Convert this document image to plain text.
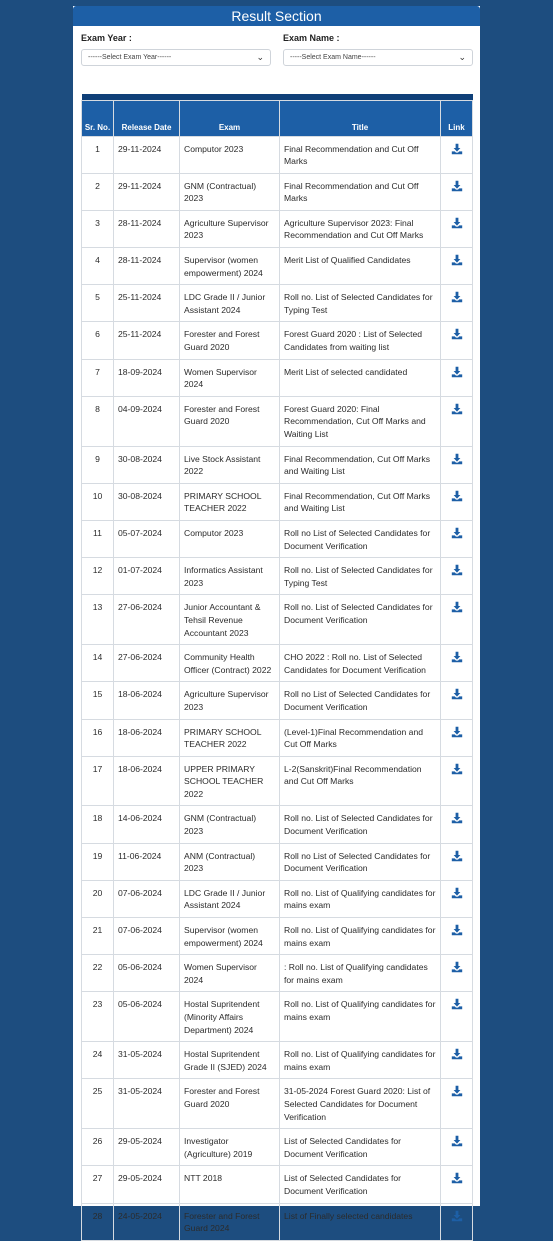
Result Section
Exam Year :
------Select Exam Year------	⌄
Exam Name :
-----Select Exam Name------	⌄

Sr. No.	Release Date	Exam	Title	Link
1	29-11-2024	Computor 2023	Final Recommendation and Cut Off Marks	
2	29-11-2024	GNM (Contractual) 2023	Final Recommendation and Cut Off Marks	
3	28-11-2024	Agriculture Supervisor 2023	Agriculture Supervisor 2023: Final Recommendation and Cut Off Marks	
4	28-11-2024	Supervisor (women empowerment) 2024	Merit List of Qualified Candidates	
5	25-11-2024	LDC Grade II / Junior Assistant 2024	Roll no. List of Selected Candidates for Typing Test	
6	25-11-2024	Forester and Forest Guard 2020	Forest Guard 2020 : List of Selected Candidates from waiting list	
7	18-09-2024	Women Supervisor 2024	Merit List of selected candidated	
8	04-09-2024	Forester and Forest Guard 2020	Forest Guard 2020: Final Recommendation, Cut Off Marks and Waiting List	
9	30-08-2024	Live Stock Assistant 2022	Final Recommendation, Cut Off Marks and Waiting List	
10	30-08-2024	PRIMARY SCHOOL TEACHER 2022	Final Recommendation, Cut Off Marks and Waiting List	
11	05-07-2024	Computor 2023	Roll no List of Selected Candidates for Document Verification	
12	01-07-2024	Informatics Assistant 2023	Roll no. List of Selected Candidates for Typing Test	
13	27-06-2024	Junior Accountant & Tehsil Revenue Accountant 2023	Roll no. List of Selected Candidates for Document Verification	
14	27-06-2024	Community Health Officer (Contract) 2022	CHO 2022 : Roll no. List of Selected Candidates for Document Verification	
15	18-06-2024	Agriculture Supervisor 2023	Roll no List of Selected Candidates for Document Verification	
16	18-06-2024	PRIMARY SCHOOL TEACHER 2022	(Level-1)Final Recommendation and Cut Off Marks	
17	18-06-2024	UPPER PRIMARY SCHOOL TEACHER 2022	L-2(Sanskrit)Final Recommendation and Cut Off Marks	
18	14-06-2024	GNM (Contractual) 2023	Roll no. List of Selected Candidates for Document Verification	
19	11-06-2024	ANM (Contractual) 2023	Roll no List of Selected Candidates for Document Verification	
20	07-06-2024	LDC Grade II / Junior Assistant 2024	Roll no. List of Qualifying candidates for mains exam	
21	07-06-2024	Supervisor (women empowerment) 2024	Roll no. List of Qualifying candidates for mains exam	
22	05-06-2024	Women Supervisor 2024	: Roll no. List of Qualifying candidates for mains exam	
23	05-06-2024	Hostal Supritendent (Minority Affairs Department) 2024	Roll no. List of Qualifying candidates for mains exam	
24	31-05-2024	Hostal Supritendent Grade II (SJED) 2024	Roll no. List of Qualifying candidates for mains exam	
25	31-05-2024	Forester and Forest Guard 2020	31-05-2024 Forest Guard 2020: List of Selected Candidates for Document Verification	
26	29-05-2024	Investigator (Agriculture) 2019	List of Selected Candidates for Document Verification	
27	29-05-2024	NTT 2018	List of Selected Candidates for Document Verification	
28	24-05-2024	Forester and Forest Guard 2024	List of Finally selected candidates	
